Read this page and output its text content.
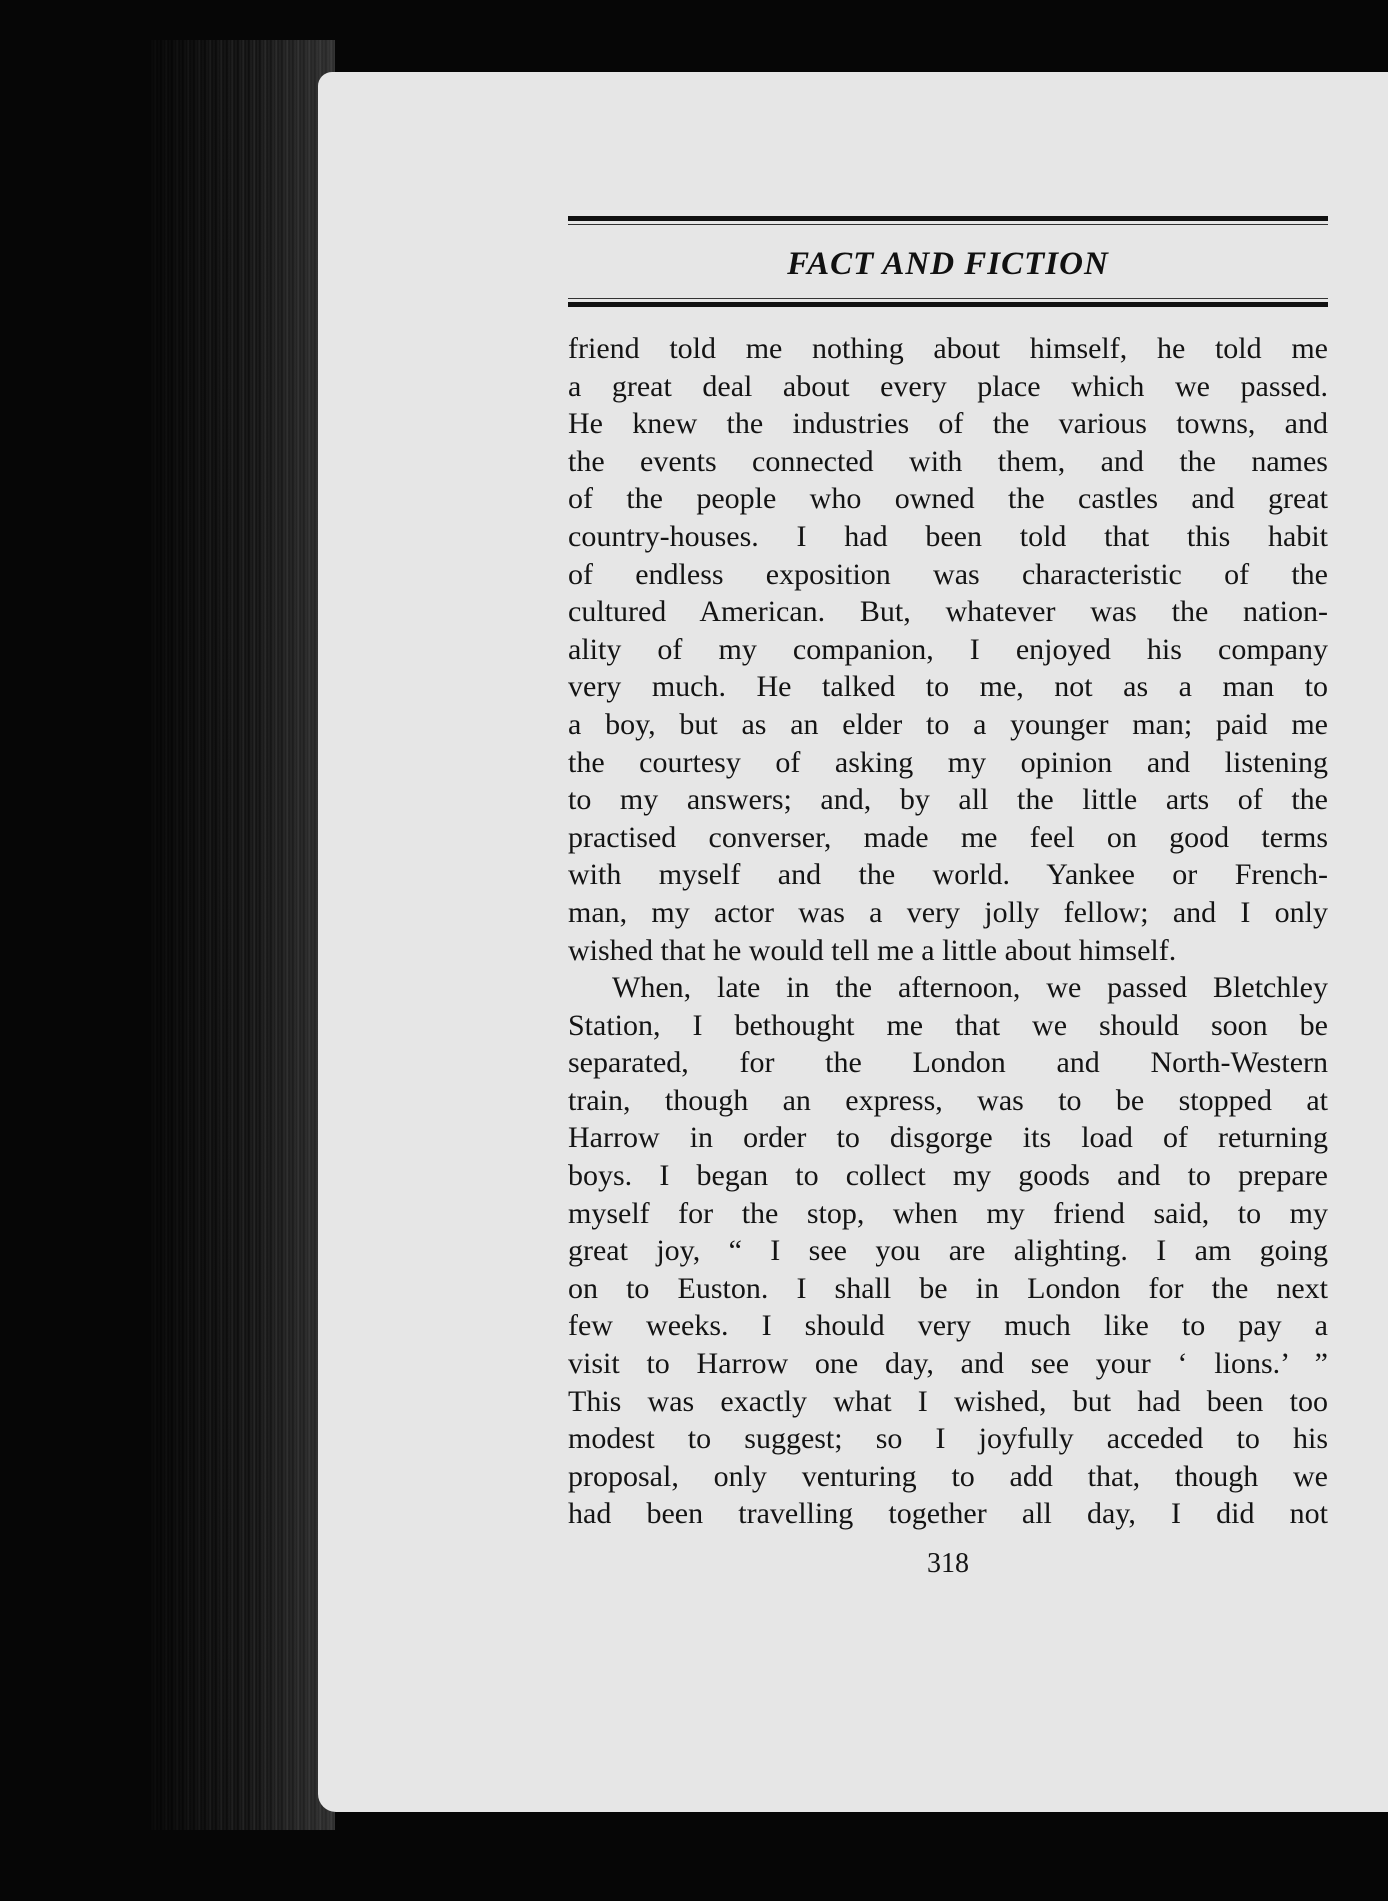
FACT AND FICTION
friend told me nothing about himself, he told me
a great deal about every place which we passed.
He knew the industries of the various towns, and
the events connected with them, and the names
of the people who owned the castles and great
country-houses. I had been told that this habit
of endless exposition was characteristic of the
cultured American. But, whatever was the nation-
ality of my companion, I enjoyed his company
very much. He talked to me, not as a man to
a boy, but as an elder to a younger man; paid me
the courtesy of asking my opinion and listening
to my answers; and, by all the little arts of the
practised converser, made me feel on good terms
with myself and the world. Yankee or French-
man, my actor was a very jolly fellow; and I only
wished that he would tell me a little about himself.
When, late in the afternoon, we passed Bletchley
Station, I bethought me that we should soon be
separated, for the London and North-Western
train, though an express, was to be stopped at
Harrow in order to disgorge its load of returning
boys. I began to collect my goods and to prepare
myself for the stop, when my friend said, to my
great joy, “ I see you are alighting. I am going
on to Euston. I shall be in London for the next
few weeks. I should very much like to pay a
visit to Harrow one day, and see your ‘ lions.’ ”
This was exactly what I wished, but had been too
modest to suggest; so I joyfully acceded to his
proposal, only venturing to add that, though we
had been travelling together all day, I did not
318
